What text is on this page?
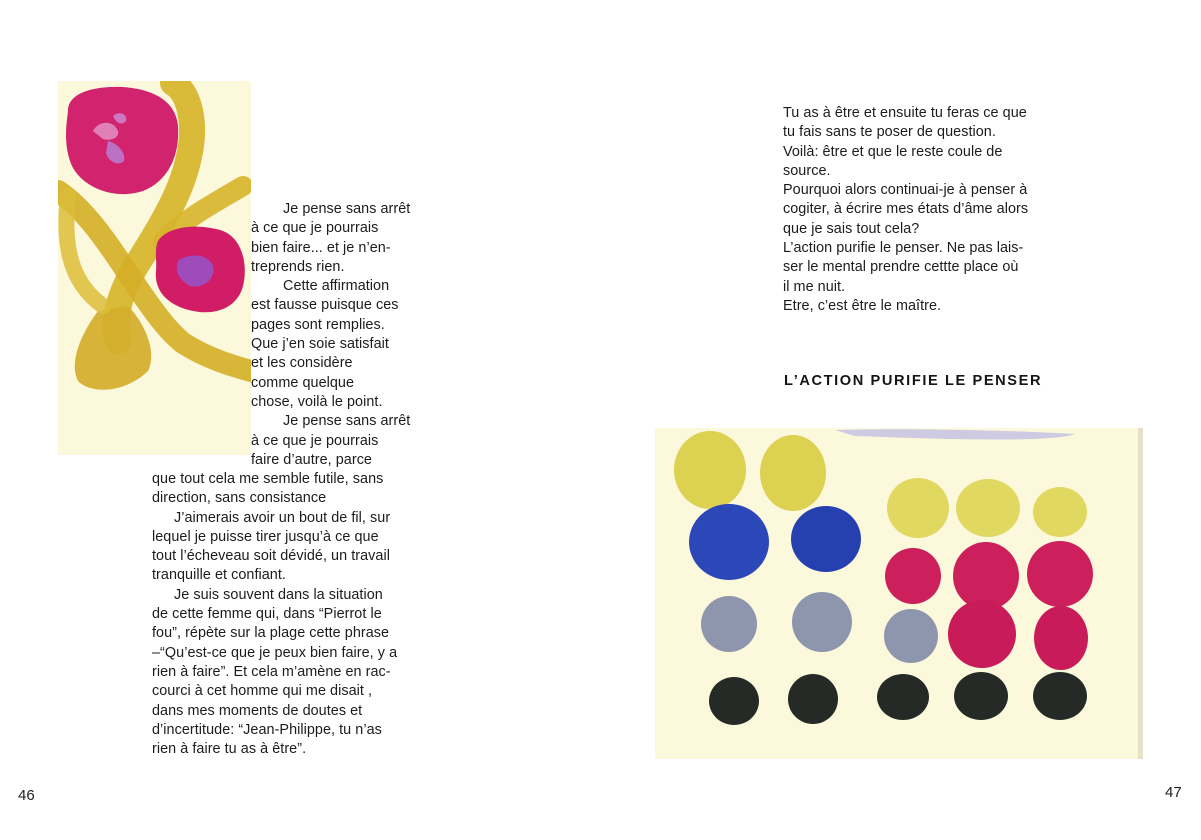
Je pense sans arrêt
à ce que je pourrais
bien faire... et je n’en-
treprends rien.
Cette affirmation
est fausse puisque ces
pages sont remplies.
Que j’en soie satisfait
et les considère
comme quelque
chose, voilà le point.
Je pense sans arrêt
à ce que je pourrais
faire d’autre, parce
que tout cela me semble futile, sans
direction, sans consistance
J’aimerais avoir un bout de fil, sur
lequel je puisse tirer jusqu’à ce que
tout l’écheveau soit dévidé, un travail
tranquille et confiant.
Je suis souvent dans la situation
de cette femme qui, dans “Pierrot le
fou”, répète sur la plage cette phrase
–“Qu’est-ce que je peux bien faire, y a
rien à faire”. Et cela m’amène en rac-
courci à cet homme qui me disait ,
dans mes moments de doutes et
d’incertitude: “Jean-Philippe, tu n’as
rien à faire tu as à être”.
46
Tu as à être et ensuite tu feras ce que
tu fais sans te poser de question.
Voilà: être et que le reste coule de
source.
Pourquoi alors continuai-je à penser à
cogiter, à écrire mes états d’âme alors
que je sais tout cela?
L’action purifie le penser. Ne pas lais-
ser le mental prendre cettte place où
il me nuit.
Etre, c’est être le maître.
L’ACTION PURIFIE LE PENSER
47
